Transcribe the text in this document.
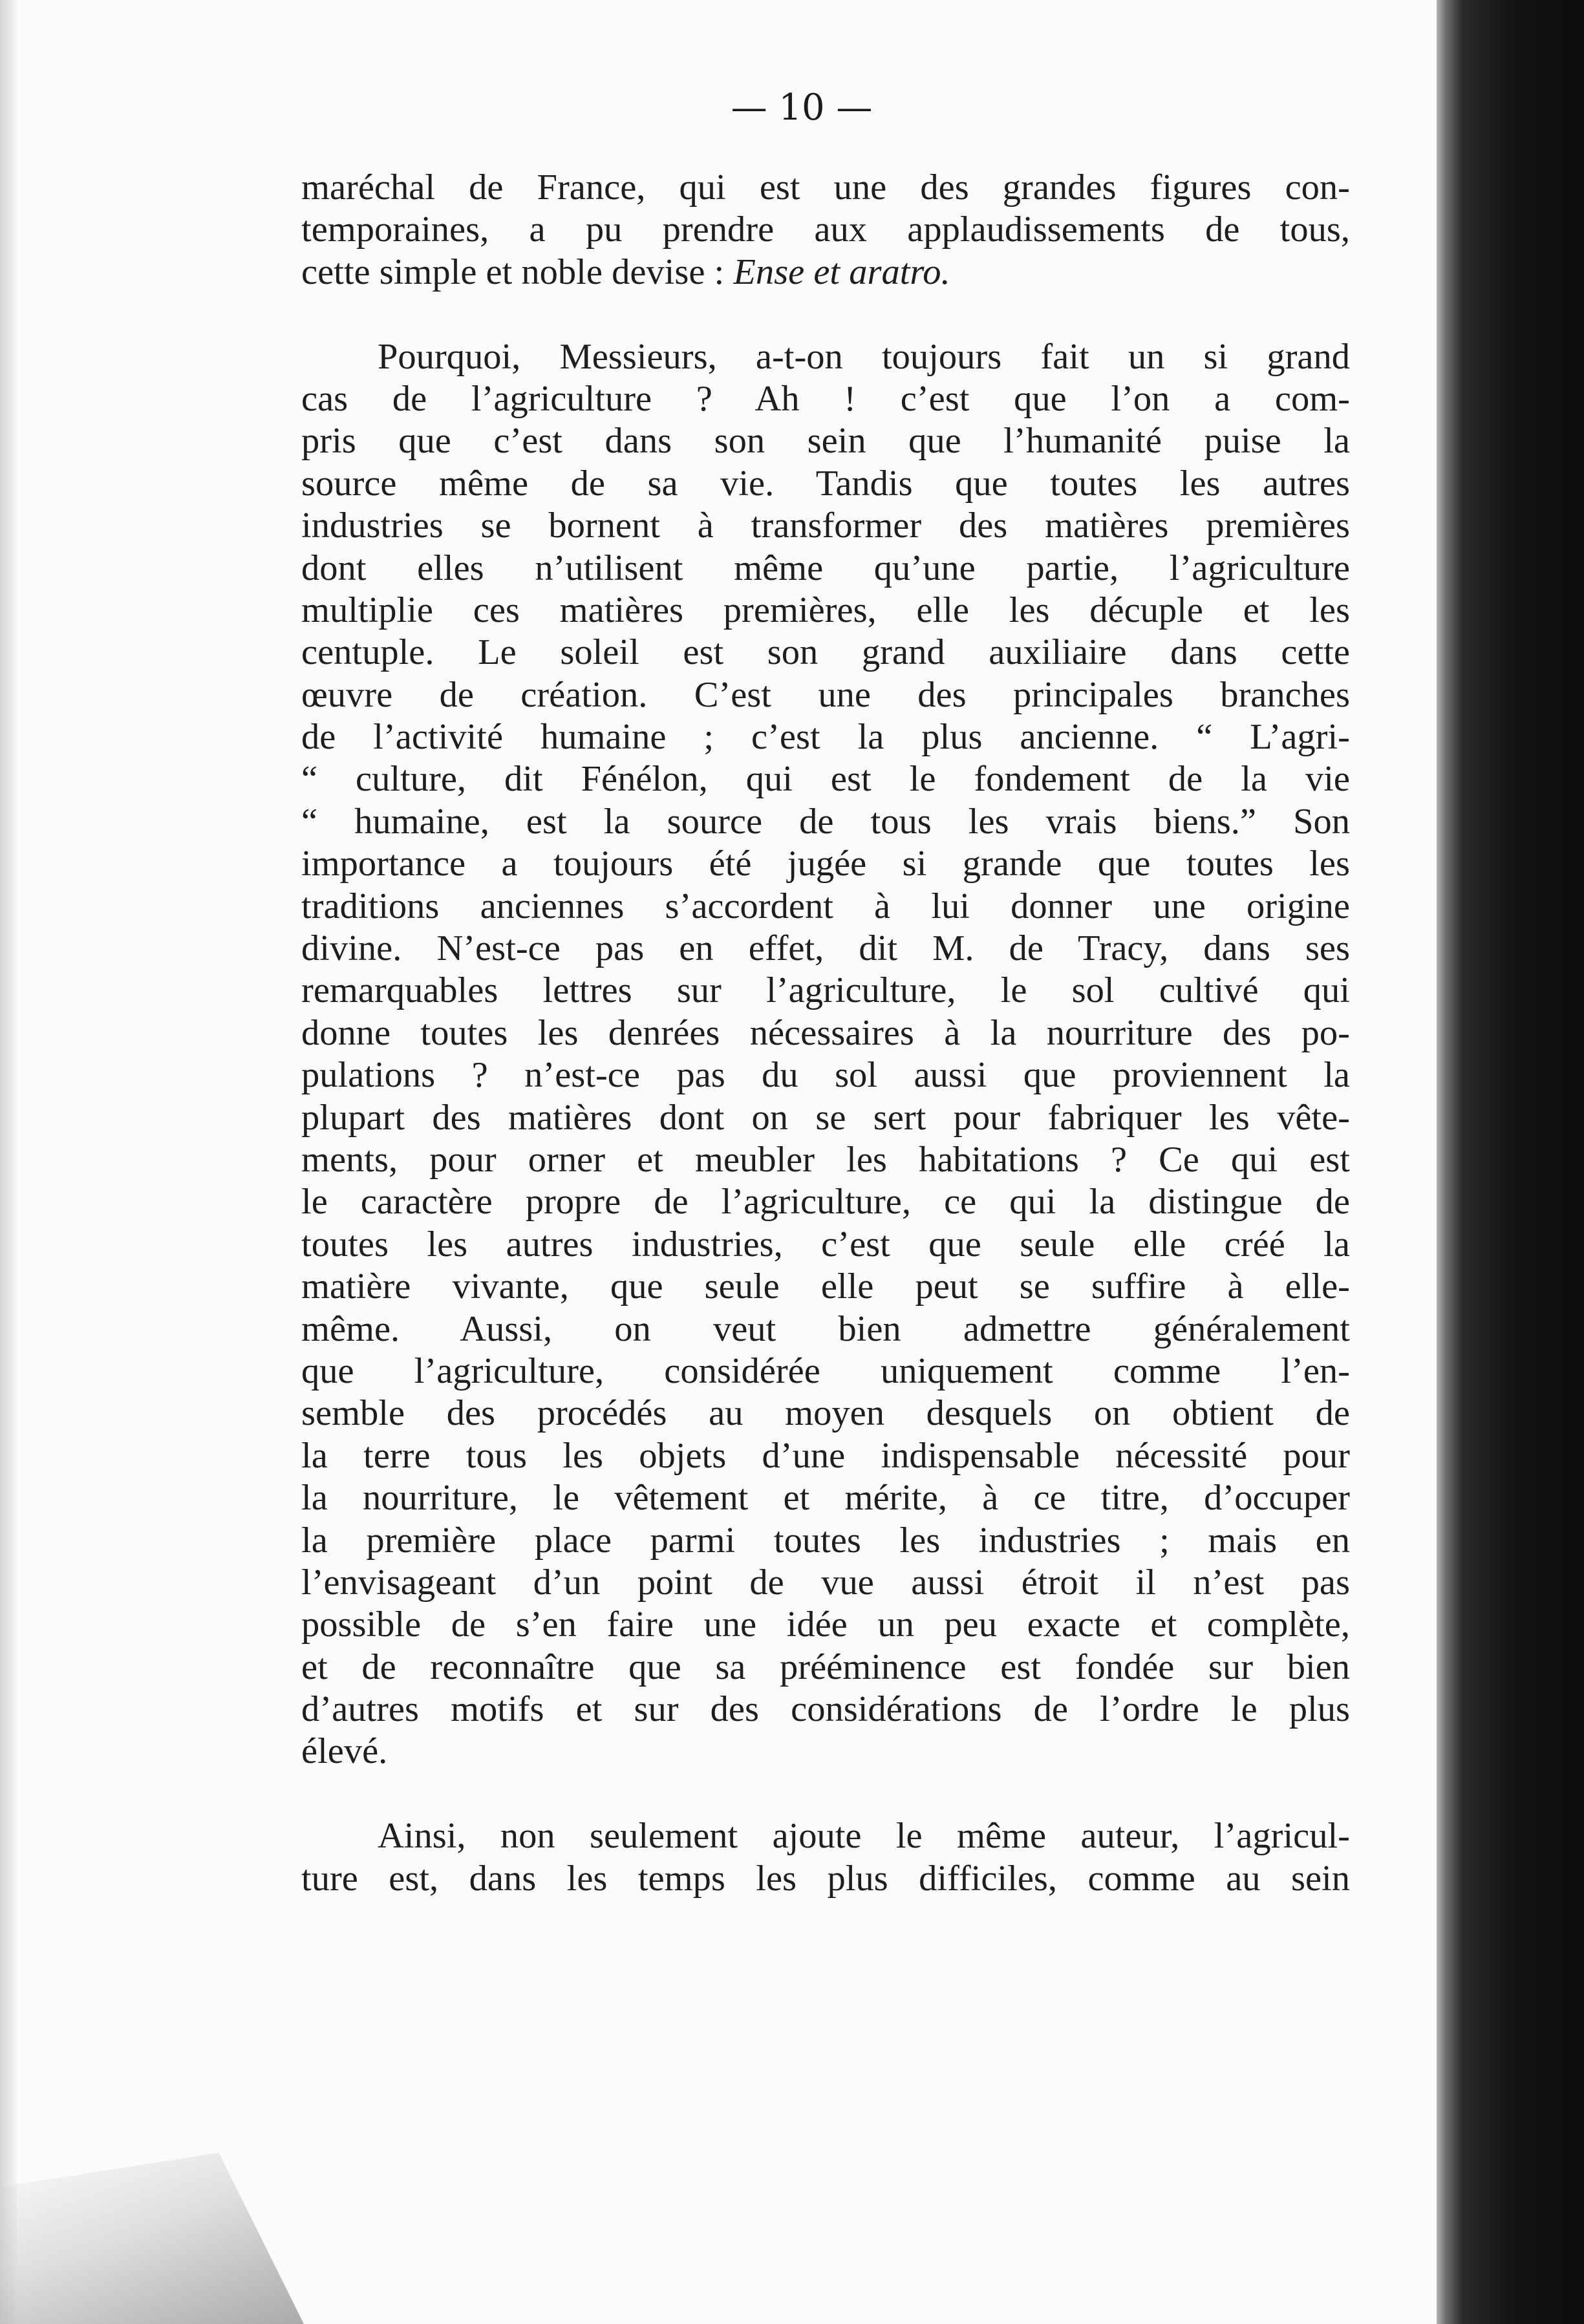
— 10 —
maréchal de France, qui est une des grandes figures con-
temporaines, a pu prendre aux applaudissements de tous,
cette simple et noble devise : Ense et aratro.
Pourquoi, Messieurs, a-t-on toujours fait un si grand
cas de l’agriculture ? Ah ! c’est que l’on a com-
pris que c’est dans son sein que l’humanité puise la
source même de sa vie. Tandis que toutes les autres
industries se bornent à transformer des matières premières
dont elles n’utilisent même qu’une partie, l’agriculture
multiplie ces matières premières, elle les décuple et les
centuple. Le soleil est son grand auxiliaire dans cette
œuvre de création. C’est une des principales branches
de l’activité humaine ; c’est la plus ancienne. “ L’agri-
“ culture, dit Fénélon, qui est le fondement de la vie
“ humaine, est la source de tous les vrais biens.” Son
importance a toujours été jugée si grande que toutes les
traditions anciennes s’accordent à lui donner une origine
divine. N’est-ce pas en effet, dit M. de Tracy, dans ses
remarquables lettres sur l’agriculture, le sol cultivé qui
donne toutes les denrées nécessaires à la nourriture des po-
pulations ? n’est-ce pas du sol aussi que proviennent la
plupart des matières dont on se sert pour fabriquer les vête-
ments, pour orner et meubler les habitations ? Ce qui est
le caractère propre de l’agriculture, ce qui la distingue de
toutes les autres industries, c’est que seule elle créé la
matière vivante, que seule elle peut se suffire à elle-
même. Aussi, on veut bien admettre généralement
que l’agriculture, considérée uniquement comme l’en-
semble des procédés au moyen desquels on obtient de
la terre tous les objets d’une indispensable nécessité pour
la nourriture, le vêtement et mérite, à ce titre, d’occuper
la première place parmi toutes les industries ; mais en
l’envisageant d’un point de vue aussi étroit il n’est pas
possible de s’en faire une idée un peu exacte et complète,
et de reconnaître que sa prééminence est fondée sur bien
d’autres motifs et sur des considérations de l’ordre le plus
élevé.
Ainsi, non seulement ajoute le même auteur, l’agricul-
ture est, dans les temps les plus difficiles, comme au sein
